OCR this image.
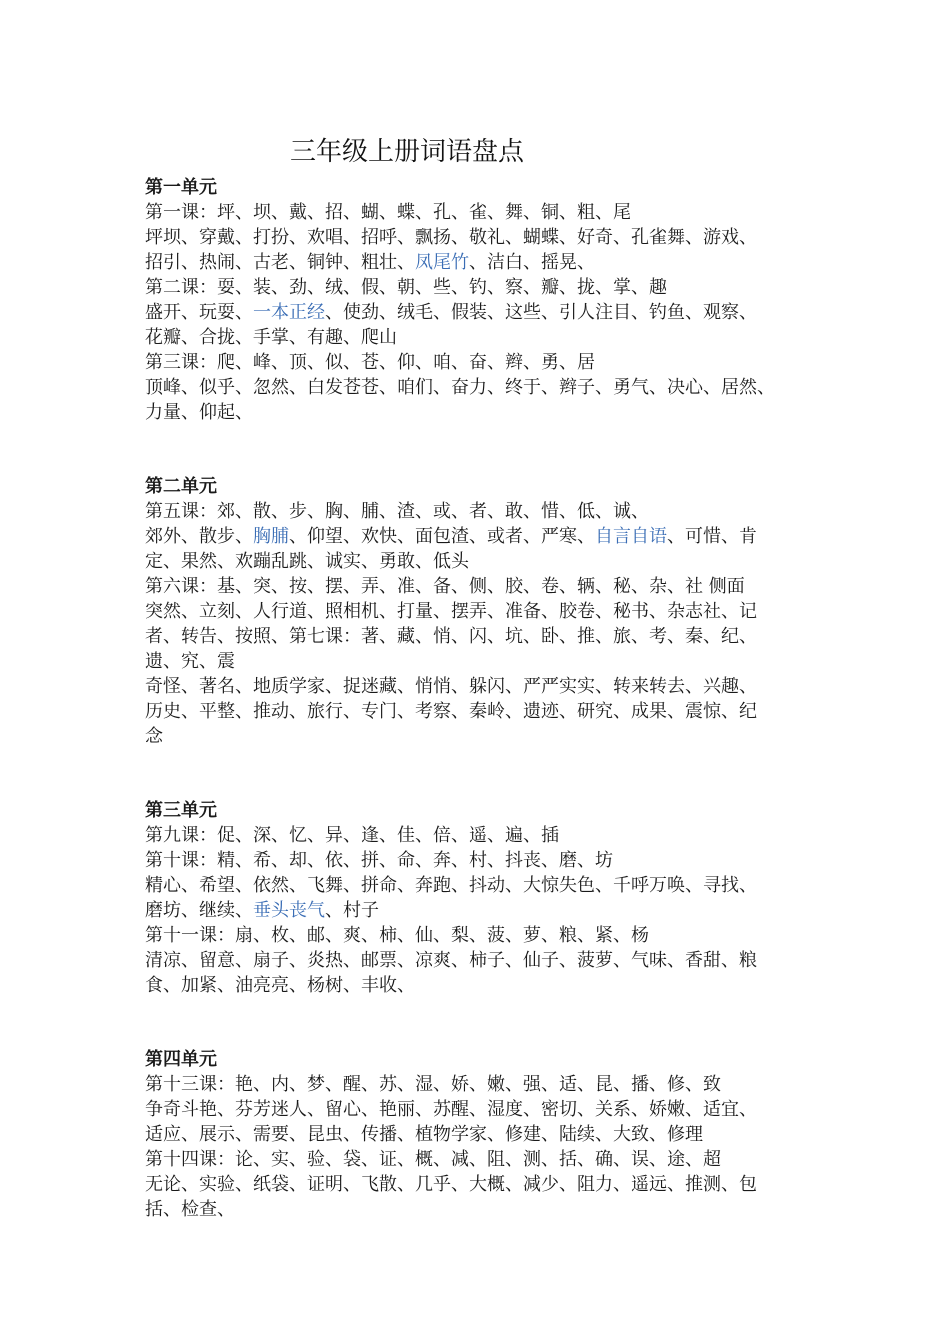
三年级上册词语盘点
第一单元
第一课：坪、坝、戴、招、蝴、蝶、孔、雀、舞、铜、粗、尾
坪坝、穿戴、打扮、欢唱、招呼、飘扬、敬礼、蝴蝶、好奇、孔雀舞、游戏、
招引、热闹、古老、铜钟、粗壮、凤尾竹、洁白、摇晃、
第二课：耍、装、劲、绒、假、朝、些、钓、察、瓣、拢、掌、趣
盛开、玩耍、一本正经、使劲、绒毛、假装、这些、引人注目、钓鱼、观察、
花瓣、合拢、手掌、有趣、爬山
第三课：爬、峰、顶、似、苍、仰、咱、奋、辫、勇、居
顶峰、似乎、忽然、白发苍苍、咱们、奋力、终于、辫子、勇气、决心、居然、
力量、仰起、
第二单元
第五课：郊、散、步、胸、脯、渣、或、者、敢、惜、低、诚、
郊外、散步、胸脯、仰望、欢快、面包渣、或者、严寒、自言自语、可惜、肯
定、果然、欢蹦乱跳、诚实、勇敢、低头
第六课：基、突、按、摆、弄、准、备、侧、胶、卷、辆、秘、杂、社 侧面
突然、立刻、人行道、照相机、打量、摆弄、准备、胶卷、秘书、杂志社、记
者、转告、按照、第七课：著、藏、悄、闪、坑、卧、推、旅、考、秦、纪、
遗、究、震
奇怪、著名、地质学家、捉迷藏、悄悄、躲闪、严严实实、转来转去、兴趣、
历史、平整、推动、旅行、专门、考察、秦岭、遗迹、研究、成果、震惊、纪
念
第三单元
第九课：促、深、忆、异、逢、佳、倍、遥、遍、插
第十课：精、希、却、依、拼、命、奔、村、抖丧、磨、坊
精心、希望、依然、飞舞、拼命、奔跑、抖动、大惊失色、千呼万唤、寻找、
磨坊、继续、垂头丧气、村子
第十一课：扇、枚、邮、爽、柿、仙、梨、菠、萝、粮、紧、杨
清凉、留意、扇子、炎热、邮票、凉爽、柿子、仙子、菠萝、气味、香甜、粮
食、加紧、油亮亮、杨树、丰收、
第四单元
第十三课：艳、内、梦、醒、苏、湿、娇、嫩、强、适、昆、播、修、致
争奇斗艳、芬芳迷人、留心、艳丽、苏醒、湿度、密切、关系、娇嫩、适宜、
适应、展示、需要、昆虫、传播、植物学家、修建、陆续、大致、修理
第十四课：论、实、验、袋、证、概、减、阻、测、括、确、误、途、超
无论、实验、纸袋、证明、飞散、几乎、大概、减少、阻力、遥远、推测、包
括、检查、
